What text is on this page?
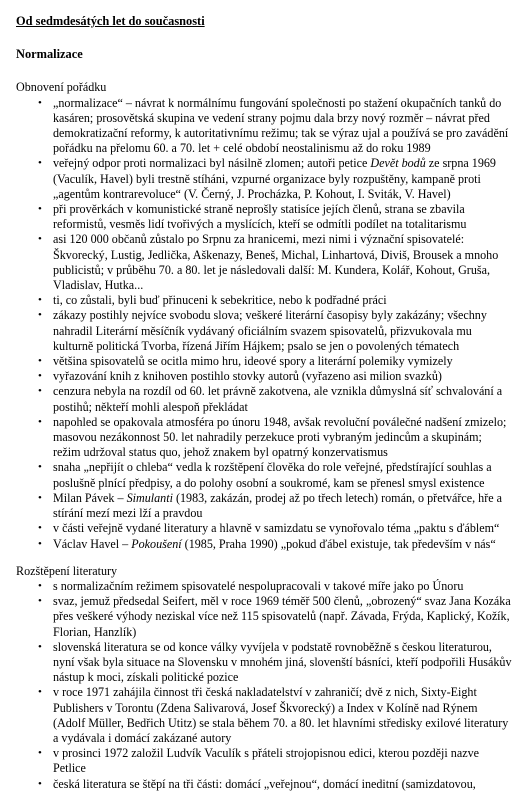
Od sedmdesátých let do současnosti
Normalizace
Obnovení pořádku
• „normalizace“ – návrat k normálnímu fungování společnosti po stažení okupačních tanků do kasáren; prosovětská skupina ve vedení strany pojmu dala brzy nový rozměr – návrat před demokratizační reformy, k autoritativnímu režimu; tak se výraz ujal a používá se pro zavádění pořádku na přelomu 60. a 70. let + celé období neostalinismu až do roku 1989
• veřejný odpor proti normalizaci byl násilně zlomen; autoři petice Devět bodů ze srpna 1969 (Vaculík, Havel) byli trestně stíháni, vzpurné organizace byly rozpuštěny, kampaně proti „agentům kontrarevoluce“ (V. Černý, J. Procházka, P. Kohout, I. Sviták, V. Havel)
• při prověrkách v komunistické straně neprošly statisíce jejích členů, strana se zbavila reformistů, vesměs lidí tvořivých a myslících, kteří se odmítli podílet na totalitarismu
• asi 120 000 občanů zůstalo po Srpnu za hranicemi, mezi nimi i význační spisovatelé: Škvorecký, Lustig, Jedlička, Aškenazy, Beneš, Michal, Linhartová, Diviš, Brousek a mnoho publicistů; v průběhu 70. a 80. let je následovali další: M. Kundera, Kolář, Kohout, Gruša, Vladislav, Hutka...
• ti, co zůstali, byli buď přinuceni k sebekritice, nebo k podřadné práci
• zákazy postihly nejvíce svobodu slova; veškeré literární časopisy byly zakázány; všechny nahradil Literární měsíčník vydávaný oficiálním svazem spisovatelů, přizvukovala mu kulturně politická Tvorba, řízená Jiřím Hájkem; psalo se jen o povolených tématech
• většina spisovatelů se ocitla mimo hru, ideové spory a literární polemiky vymizely
• vyřazování knih z knihoven postihlo stovky autorů (vyřazeno asi milion svazků)
• cenzura nebyla na rozdíl od 60. let právně zakotvena, ale vznikla důmyslná síť schvalování a postihů; někteří mohli alespoň překládat
• napohled se opakovala atmosféra po únoru 1948, avšak revoluční poválečné nadšení zmizelo; masovou nezákonnost 50. let nahradily perzekuce proti vybraným jedincům a skupinám; režim udržoval status quo, jehož znakem byl opatrný konzervatismus
• snaha „nepřijít o chleba“ vedla k rozštěpení člověka do role veřejné, předstírající souhlas a poslušně plnící předpisy, a do polohy osobní a soukromé, kam se přenesl smysl existence
• Milan Pávek – Simulanti (1983, zakázán, prodej až po třech letech) román, o přetvářce, hře a stírání mezí mezi lží a pravdou
• v části veřejně vydané literatury a hlavně v samizdatu se vynořovalo téma „paktu s ďáblem“
• Václav Havel – Pokoušení (1985, Praha 1990) „pokud ďábel existuje, tak především v nás“
Rozštěpení literatury
• s normalizačním režimem spisovatelé nespolupracovali v takové míře jako po Únoru
• svaz, jemuž předsedal Seifert, měl v roce 1969 téměř 500 členů, „obrozený“ svaz Jana Kozáka přes veškeré výhody neziskal více než 115 spisovatelů (např. Závada, Frýda, Kaplický, Kožík, Florian, Hanzlík)
• slovenská literatura se od konce války vyvíjela v podstatě rovnoběžně s českou literaturou, nyní však byla situace na Slovensku v mnohém jiná, slovenští básníci, kteří podpořili Husákův nástup k moci, získali politické pozice
• v roce 1971 zahájila činnost tři česká nakladatelství v zahraničí; dvě z nich, Sixty-Eight Publishers v Torontu (Zdena Salivarová, Josef Škvorecký) a Index v Kolíně nad Rýnem (Adolf Müller, Bedřich Utitz) se stala během 70. a 80. let hlavními středisky exilové literatury a vydávala i domácí zakázané autory
• v prosinci 1972 založil Ludvík Vaculík s přáteli strojopisnou edici, kterou později nazve Petlice
• česká literatura se štěpí na tři části: domácí „veřejnou“, domácí ineditní (samizdatovou,
